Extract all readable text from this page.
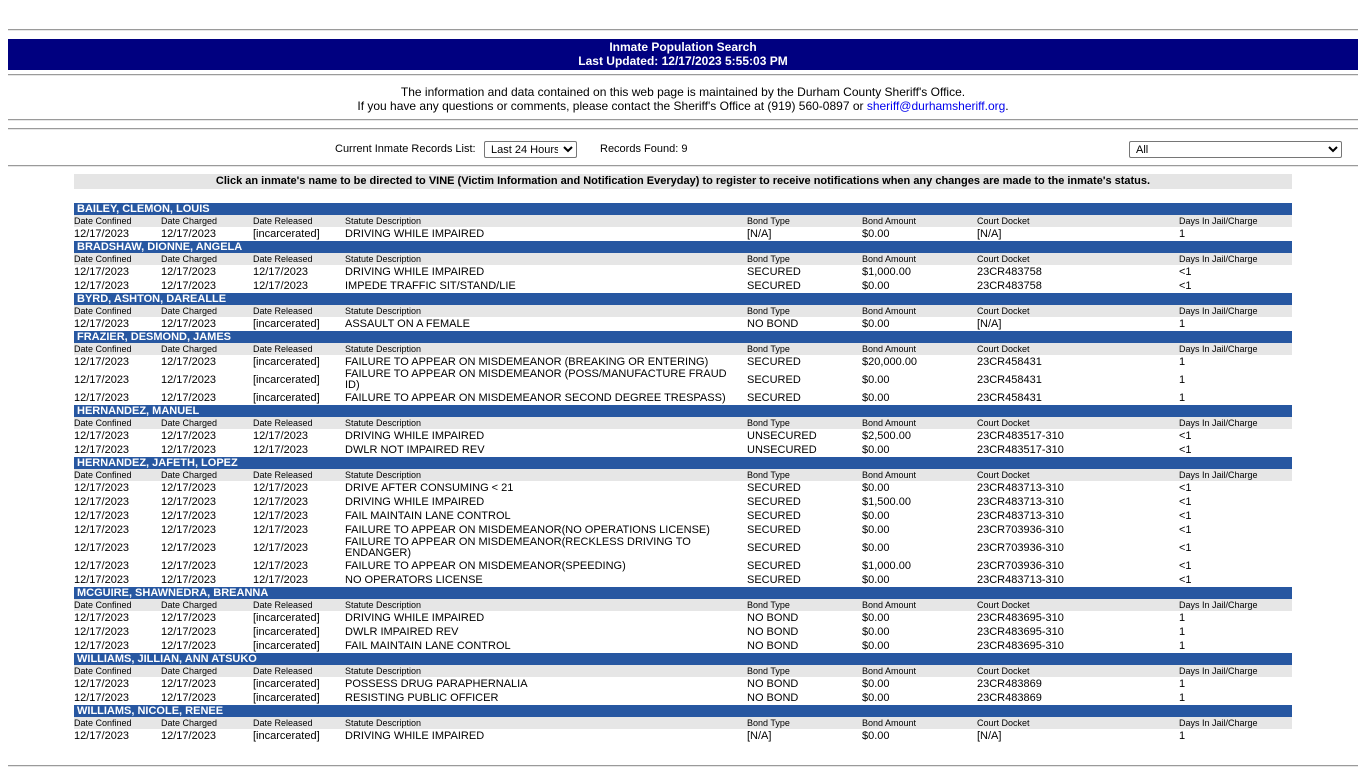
Inmate Population Search
Last Updated: 12/17/2023 5:55:03 PM
The information and data contained on this web page is maintained by the Durham County Sheriff's Office.
If you have any questions or comments, please contact the Sheriff's Office at (919) 560-0897 or sheriff@durhamsheriff.org.
Current Inmate Records List:
Last 24 Hours	Records Found: 9
All
Click an inmate's name to be directed to VINE (Victim Information and Notification Everyday) to register to receive notifications when any changes are made to the inmate's status.
BAILEY, CLEMON, LOUIS
Date Confined	Date Charged	Date Released	Statute Description	Bond Type	Bond Amount	Court Docket	Days In Jail/Charge
12/17/2023	12/17/2023	[incarcerated]	DRIVING WHILE IMPAIRED	[N/A]	$0.00	[N/A]	1
BRADSHAW, DIONNE, ANGELA
Date Confined	Date Charged	Date Released	Statute Description	Bond Type	Bond Amount	Court Docket	Days In Jail/Charge
12/17/2023	12/17/2023	12/17/2023	DRIVING WHILE IMPAIRED	SECURED	$1,000.00	23CR483758	<1
12/17/2023	12/17/2023	12/17/2023	IMPEDE TRAFFIC SIT/STAND/LIE	SECURED	$0.00	23CR483758	<1
BYRD, ASHTON, DAREALLE
Date Confined	Date Charged	Date Released	Statute Description	Bond Type	Bond Amount	Court Docket	Days In Jail/Charge
12/17/2023	12/17/2023	[incarcerated]	ASSAULT ON A FEMALE	NO BOND	$0.00	[N/A]	1
FRAZIER, DESMOND, JAMES
Date Confined	Date Charged	Date Released	Statute Description	Bond Type	Bond Amount	Court Docket	Days In Jail/Charge
12/17/2023	12/17/2023	[incarcerated]	FAILURE TO APPEAR ON MISDEMEANOR (BREAKING OR ENTERING)	SECURED	$20,000.00	23CR458431	1
12/17/2023	12/17/2023	[incarcerated]	FAILURE TO APPEAR ON MISDEMEANOR (POSS/MANUFACTURE FRAUD ID)	SECURED	$0.00	23CR458431	1
12/17/2023	12/17/2023	[incarcerated]	FAILURE TO APPEAR ON MISDEMEANOR SECOND DEGREE TRESPASS)	SECURED	$0.00	23CR458431	1
HERNANDEZ, MANUEL
Date Confined	Date Charged	Date Released	Statute Description	Bond Type	Bond Amount	Court Docket	Days In Jail/Charge
12/17/2023	12/17/2023	12/17/2023	DRIVING WHILE IMPAIRED	UNSECURED	$2,500.00	23CR483517-310	<1
12/17/2023	12/17/2023	12/17/2023	DWLR NOT IMPAIRED REV	UNSECURED	$0.00	23CR483517-310	<1
HERNANDEZ, JAFETH, LOPEZ
Date Confined	Date Charged	Date Released	Statute Description	Bond Type	Bond Amount	Court Docket	Days In Jail/Charge
12/17/2023	12/17/2023	12/17/2023	DRIVE AFTER CONSUMING < 21	SECURED	$0.00	23CR483713-310	<1
12/17/2023	12/17/2023	12/17/2023	DRIVING WHILE IMPAIRED	SECURED	$1,500.00	23CR483713-310	<1
12/17/2023	12/17/2023	12/17/2023	FAIL MAINTAIN LANE CONTROL	SECURED	$0.00	23CR483713-310	<1
12/17/2023	12/17/2023	12/17/2023	FAILURE TO APPEAR ON MISDEMEANOR(NO OPERATIONS LICENSE)	SECURED	$0.00	23CR703936-310	<1
12/17/2023	12/17/2023	12/17/2023	FAILURE TO APPEAR ON MISDEMEANOR(RECKLESS DRIVING TO ENDANGER)	SECURED	$0.00	23CR703936-310	<1
12/17/2023	12/17/2023	12/17/2023	FAILURE TO APPEAR ON MISDEMEANOR(SPEEDING)	SECURED	$1,000.00	23CR703936-310	<1
12/17/2023	12/17/2023	12/17/2023	NO OPERATORS LICENSE	SECURED	$0.00	23CR483713-310	<1
MCGUIRE, SHAWNEDRA, BREANNA
Date Confined	Date Charged	Date Released	Statute Description	Bond Type	Bond Amount	Court Docket	Days In Jail/Charge
12/17/2023	12/17/2023	[incarcerated]	DRIVING WHILE IMPAIRED	NO BOND	$0.00	23CR483695-310	1
12/17/2023	12/17/2023	[incarcerated]	DWLR IMPAIRED REV	NO BOND	$0.00	23CR483695-310	1
12/17/2023	12/17/2023	[incarcerated]	FAIL MAINTAIN LANE CONTROL	NO BOND	$0.00	23CR483695-310	1
WILLIAMS, JILLIAN, ANN ATSUKO
Date Confined	Date Charged	Date Released	Statute Description	Bond Type	Bond Amount	Court Docket	Days In Jail/Charge
12/17/2023	12/17/2023	[incarcerated]	POSSESS DRUG PARAPHERNALIA	NO BOND	$0.00	23CR483869	1
12/17/2023	12/17/2023	[incarcerated]	RESISTING PUBLIC OFFICER	NO BOND	$0.00	23CR483869	1
WILLIAMS, NICOLE, RENEE
Date Confined	Date Charged	Date Released	Statute Description	Bond Type	Bond Amount	Court Docket	Days In Jail/Charge
12/17/2023	12/17/2023	[incarcerated]	DRIVING WHILE IMPAIRED	[N/A]	$0.00	[N/A]	1
